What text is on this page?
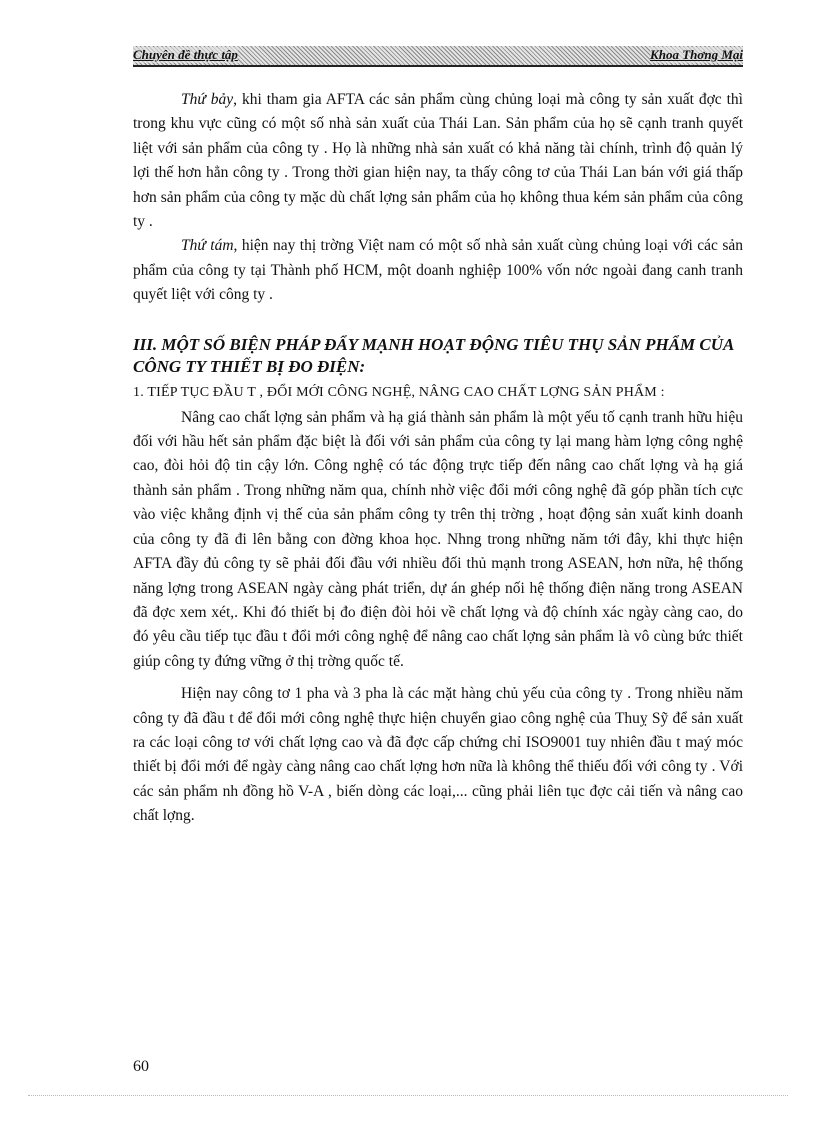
Chuyên đề thực tập	Khoa Thơng Mại

Thứ bảy, khi tham gia AFTA các sản phẩm cùng chủng loại mà công ty sản xuất đợc thì trong khu vực cũng có một số nhà sản xuất của Thái Lan. Sản phẩm của họ sẽ cạnh tranh quyết liệt với sản phẩm của công ty . Họ là những nhà sản xuất có khả năng tài chính, trình độ quản lý lợi thế hơn hẳn công ty . Trong thời gian hiện nay, ta thấy công tơ của Thái Lan bán với giá thấp hơn sản phẩm của công ty mặc dù chất lợng sản phẩm của họ không thua kém sản phẩm của công ty .

Thứ tám, hiện nay thị trờng Việt nam có một số nhà sản xuất cùng chủng loại với các sản phẩm của công ty tại Thành phố HCM, một doanh nghiệp 100% vốn nớc ngoài đang canh tranh quyết liệt với công ty .

III. MỘT SỐ BIỆN PHÁP ĐẨY MẠNH HOẠT ĐỘNG TIÊU THỤ SẢN PHẨM CỦA CÔNG TY THIẾT BỊ ĐO ĐIỆN:
1. TIẾP TỤC ĐẦU T , ĐỔI MỚI CÔNG NGHỆ, NÂNG CAO CHẤT LỢNG SẢN PHẨM :

Nâng cao chất lợng sản phẩm và hạ giá thành sản phẩm là một yếu tố cạnh tranh hữu hiệu đối với hầu hết sản phẩm đặc biệt là đối với sản phẩm của công ty lại mang hàm lợng công nghệ cao, đòi hỏi độ tin cậy lớn. Công nghệ có tác động trực tiếp đến nâng cao chất lợng và hạ giá thành sản phẩm . Trong những năm qua, chính nhờ việc đổi mới công nghệ đã góp phần tích cực vào việc khẳng định vị thế của sản phẩm công ty trên thị trờng , hoạt động sản xuất kinh doanh của công ty đã đi lên bằng con đờng khoa học. Nhng trong những năm tới đây, khi thực hiện AFTA đầy đủ công ty sẽ phải đối đầu với nhiều đối thủ mạnh trong ASEAN, hơn nữa, hệ thống năng lợng trong ASEAN ngày càng phát triển, dự án ghép nối hệ thống điện năng trong ASEAN đã đợc xem xét,. Khi đó thiết bị đo điện đòi hỏi về chất lợng và độ chính xác ngày càng cao, do đó yêu cầu tiếp tục đầu t đổi mới công nghệ để nâng cao chất lợng sản phẩm là vô cùng bức thiết giúp công ty đứng vững ở thị trờng quốc tế.

Hiện nay công tơ 1 pha và 3 pha là các mặt hàng chủ yếu của công ty . Trong nhiều năm công ty đã đầu t để đổi mới công nghệ thực hiện chuyển giao công nghệ của Thuỵ Sỹ để sản xuất ra các loại công tơ với chất lợng cao và đã đợc cấp chứng chỉ ISO9001 tuy nhiên đầu t maý móc thiết bị đổi mới để ngày càng nâng cao chất lợng hơn nữa là không thể thiếu đối với công ty . Với các sản phẩm nh đồng hồ V-A , biến dòng các loại,... cũng phải liên tục đợc cải tiến và nâng cao chất lợng.

60
